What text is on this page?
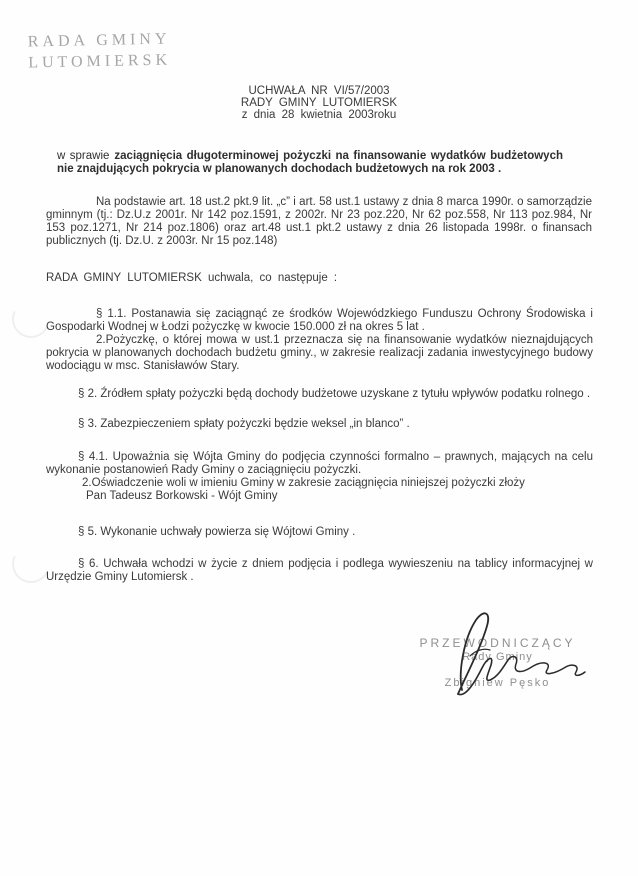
RADA GMINY
LUTOMIERSK
UCHWAŁA NR VI/57/2003
RADY GMINY LUTOMIERSK
z dnia 28 kwietnia 2003roku
w sprawie zaciągnięcia długoterminowej pożyczki na finansowanie wydatków budżetowych nie znajdujących pokrycia w planowanych dochodach budżetowych na rok 2003 .

Na podstawie art. 18 ust.2 pkt.9 lit. „c” i art. 58 ust.1 ustawy z dnia 8 marca 1990r. o samorządzie gminnym (tj.: Dz.U.z 2001r. Nr 142 poz.1591, z 2002r. Nr 23 poz.220, Nr 62 poz.558, Nr 113 poz.984, Nr 153 poz.1271, Nr 214 poz.1806) oraz art.48 ust.1 pkt.2 ustawy z dnia 26 listopada 1998r. o finansach publicznych (tj. Dz.U. z 2003r. Nr 15 poz.148)

RADA GMINY LUTOMIERSK uchwala, co następuje :

§ 1.1. Postanawia się zaciągnąć ze środków Wojewódzkiego Funduszu Ochrony Środowiska i Gospodarki Wodnej w Łodzi pożyczkę w kwocie 150.000 zł na okres 5 lat .

2.Pożyczkę, o której mowa w ust.1 przeznacza się na finansowanie wydatków nieznajdujących pokrycia w planowanych dochodach budżetu gminy., w zakresie realizacji zadania inwestycyjnego budowy wodociągu w msc. Stanisławów Stary.

§ 2. Źródłem spłaty pożyczki będą dochody budżetowe uzyskane z tytułu wpływów podatku rolnego .

§ 3. Zabezpieczeniem spłaty pożyczki będzie weksel „in blanco” .

§ 4.1. Upoważnia się Wójta Gminy do podjęcia czynności formalno – prawnych, mających na celu wykonanie postanowień Rady Gminy o zaciągnięciu pożyczki.

2.Oświadczenie woli w imieniu Gminy w zakresie zaciągnięcia niniejszej pożyczki złoży

Pan Tadeusz Borkowski - Wójt Gminy

§ 5. Wykonanie uchwały powierza się Wójtowi Gminy .

§ 6. Uchwała wchodzi w życie z dniem podjęcia i podlega wywieszeniu na tablicy informacyjnej w Urzędzie Gminy Lutomiersk .

PRZEWODNICZĄCY
Rady Gminy
Zbigniew Pęsko
